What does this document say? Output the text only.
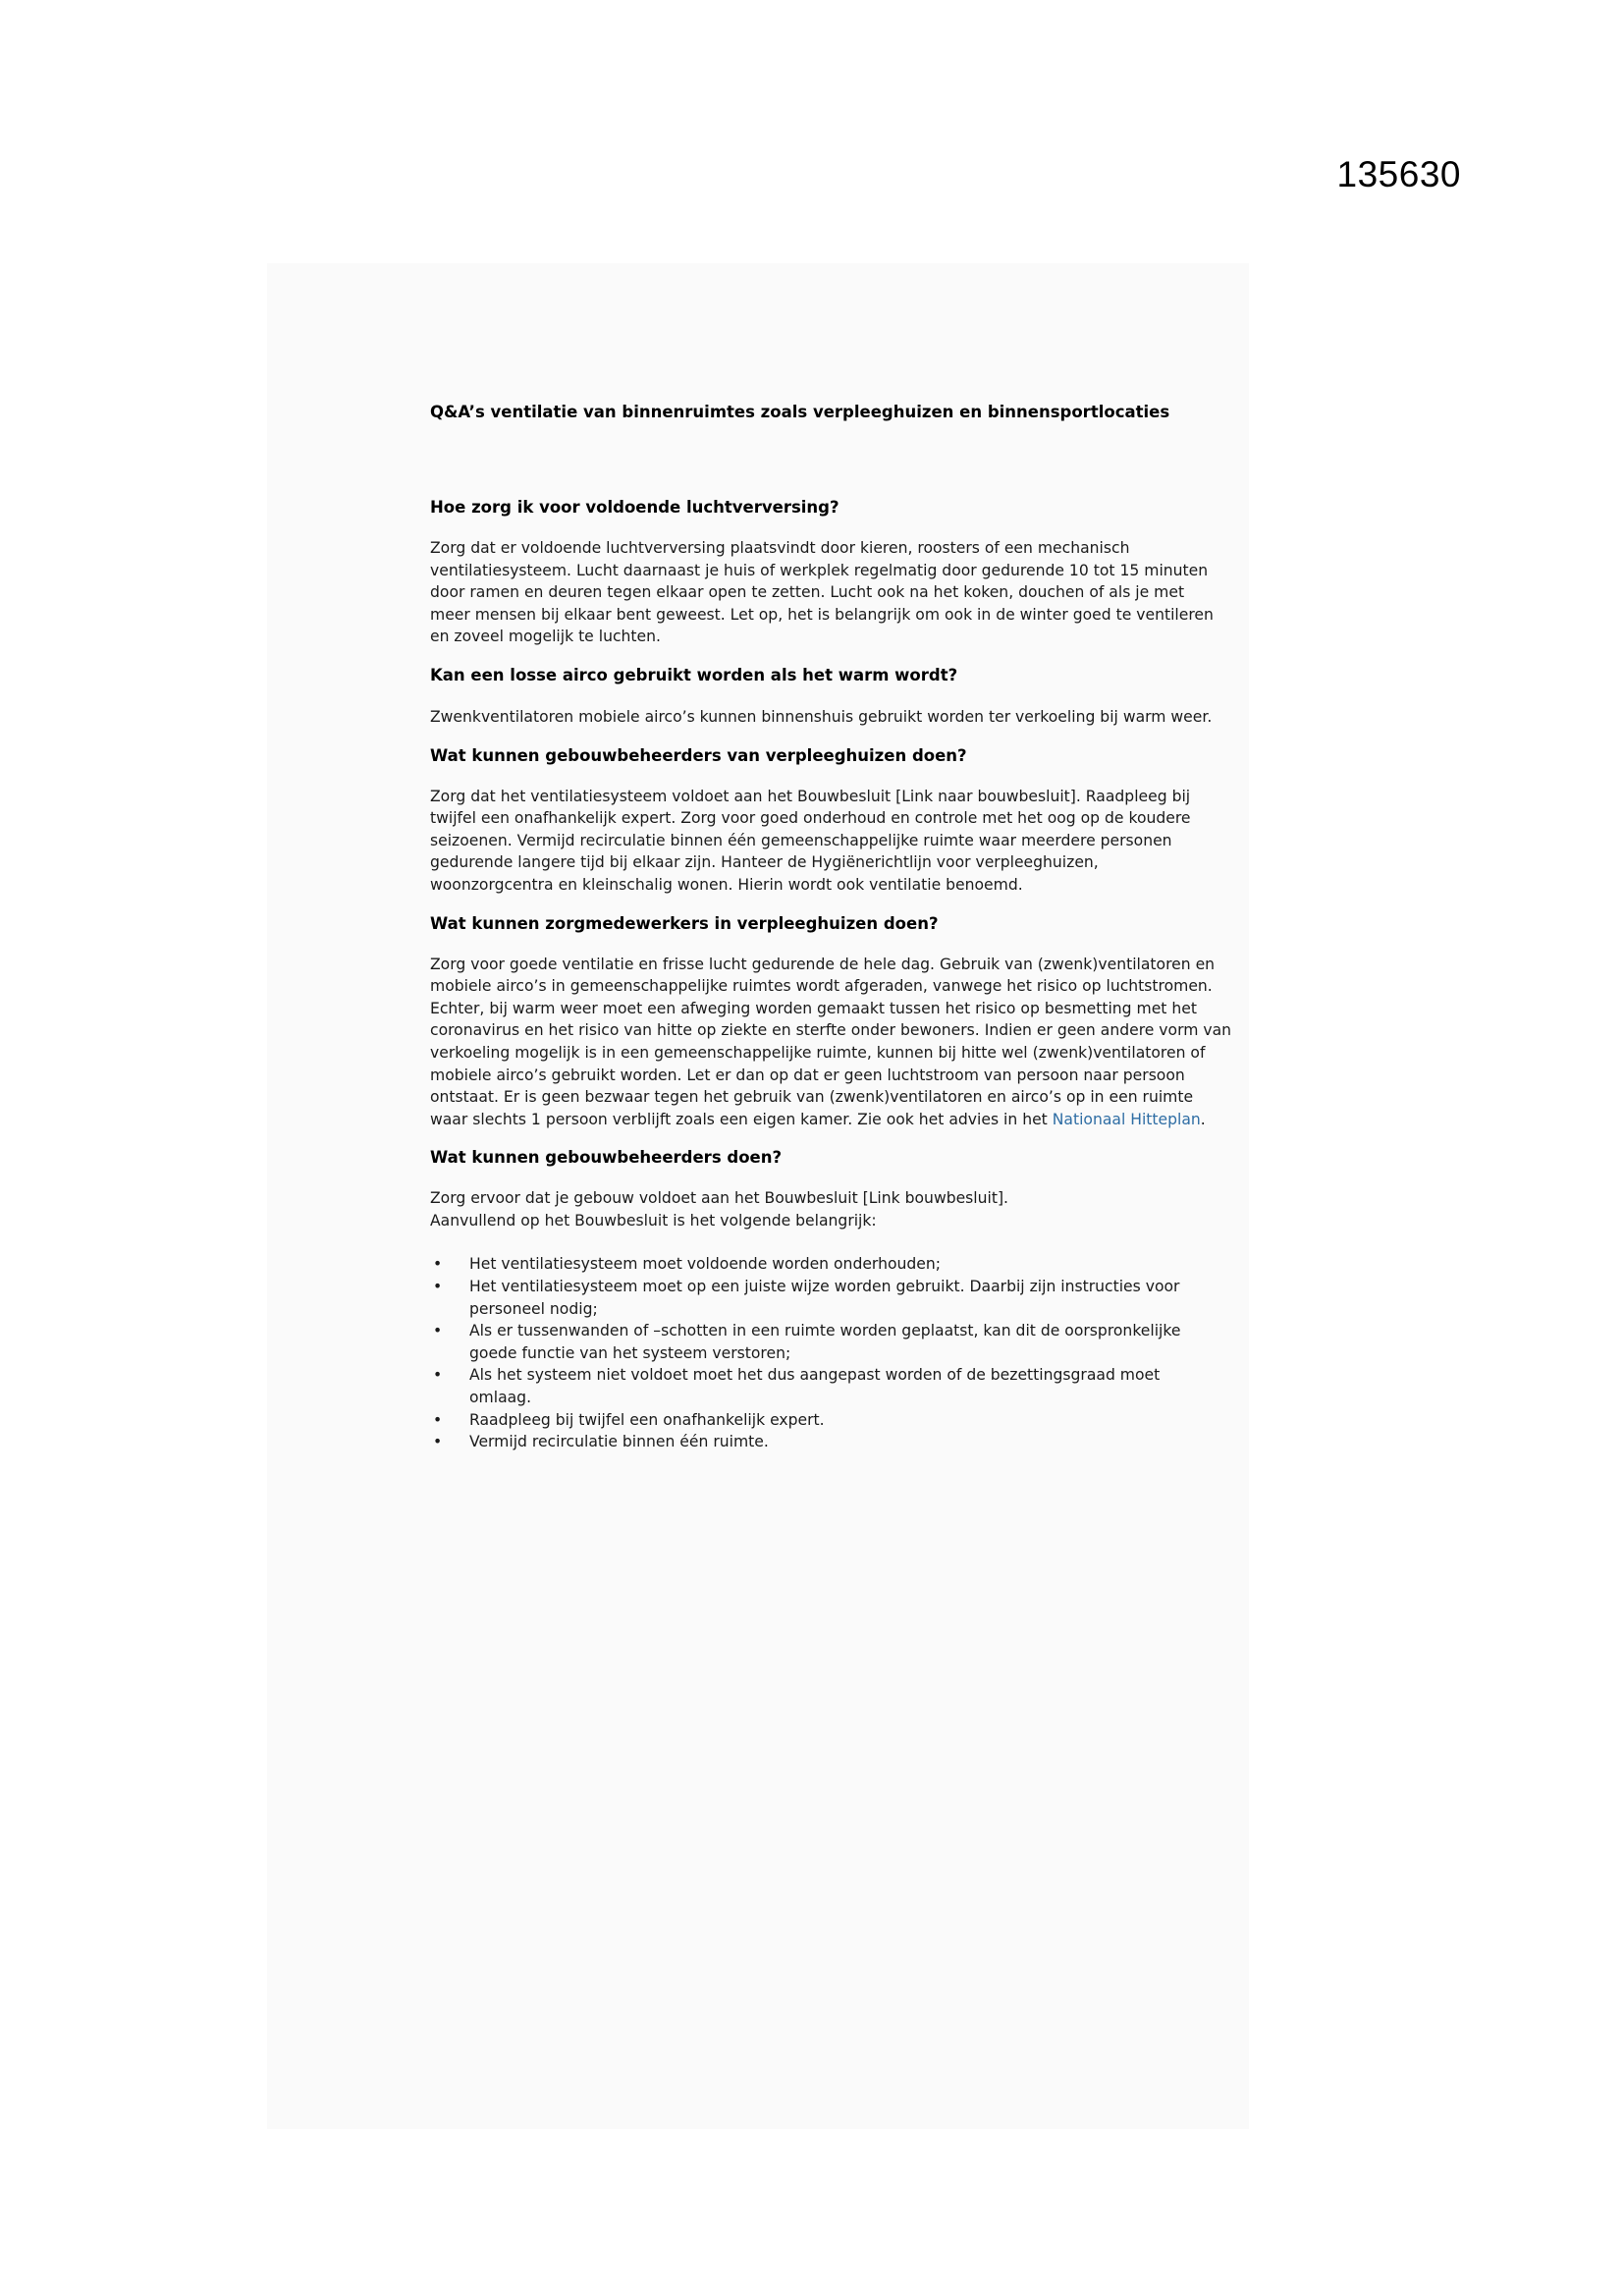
135630
Q&A’s ventilatie van binnenruimtes zoals verpleeghuizen en binnensportlocaties
Hoe zorg ik voor voldoende luchtverversing?

Zorg dat er voldoende luchtverversing plaatsvindt door kieren, roosters of een mechanisch ventilatiesysteem. Lucht daarnaast je huis of werkplek regelmatig door gedurende 10 tot 15 minuten door ramen en deuren tegen elkaar open te zetten. Lucht ook na het koken, douchen of als je met meer mensen bij elkaar bent geweest. Let op, het is belangrijk om ook in de winter goed te ventileren en zoveel mogelijk te luchten.

Kan een losse airco gebruikt worden als het warm wordt?

Zwenkventilatoren mobiele airco’s kunnen binnenshuis gebruikt worden ter verkoeling bij warm weer.

Wat kunnen gebouwbeheerders van verpleeghuizen doen?

Zorg dat het ventilatiesysteem voldoet aan het Bouwbesluit [Link naar bouwbesluit]. Raadpleeg bij twijfel een onafhankelijk expert. Zorg voor goed onderhoud en controle met het oog op de koudere seizoenen. Vermijd recirculatie binnen één gemeenschappelijke ruimte waar meerdere personen gedurende langere tijd bij elkaar zijn. Hanteer de Hygiënerichtlijn voor verpleeghuizen, woonzorgcentra en kleinschalig wonen. Hierin wordt ook ventilatie benoemd.

Wat kunnen zorgmedewerkers in verpleeghuizen doen?

Zorg voor goede ventilatie en frisse lucht gedurende de hele dag. Gebruik van (zwenk)ventilatoren en mobiele airco’s in gemeenschappelijke ruimtes wordt afgeraden, vanwege het risico op luchtstromen. Echter, bij warm weer moet een afweging worden gemaakt tussen het risico op besmetting met het coronavirus en het risico van hitte op ziekte en sterfte onder bewoners. Indien er geen andere vorm van verkoeling mogelijk is in een gemeenschappelijke ruimte, kunnen bij hitte wel (zwenk)ventilatoren of mobiele airco’s gebruikt worden. Let er dan op dat er geen luchtstroom van persoon naar persoon ontstaat. Er is geen bezwaar tegen het gebruik van (zwenk)ventilatoren en airco’s op in een ruimte waar slechts 1 persoon verblijft zoals een eigen kamer. Zie ook het advies in het Nationaal Hitteplan.

Wat kunnen gebouwbeheerders doen?

Zorg ervoor dat je gebouw voldoet aan het Bouwbesluit [Link bouwbesluit].

Aanvullend op het Bouwbesluit is het volgende belangrijk:

• Het ventilatiesysteem moet voldoende worden onderhouden;
• Het ventilatiesysteem moet op een juiste wijze worden gebruikt. Daarbij zijn instructies voor personeel nodig;
• Als er tussenwanden of –schotten in een ruimte worden geplaatst, kan dit de oorspronkelijke goede functie van het systeem verstoren;
• Als het systeem niet voldoet moet het dus aangepast worden of de bezettingsgraad moet omlaag.
• Raadpleeg bij twijfel een onafhankelijk expert.
• Vermijd recirculatie binnen één ruimte.
